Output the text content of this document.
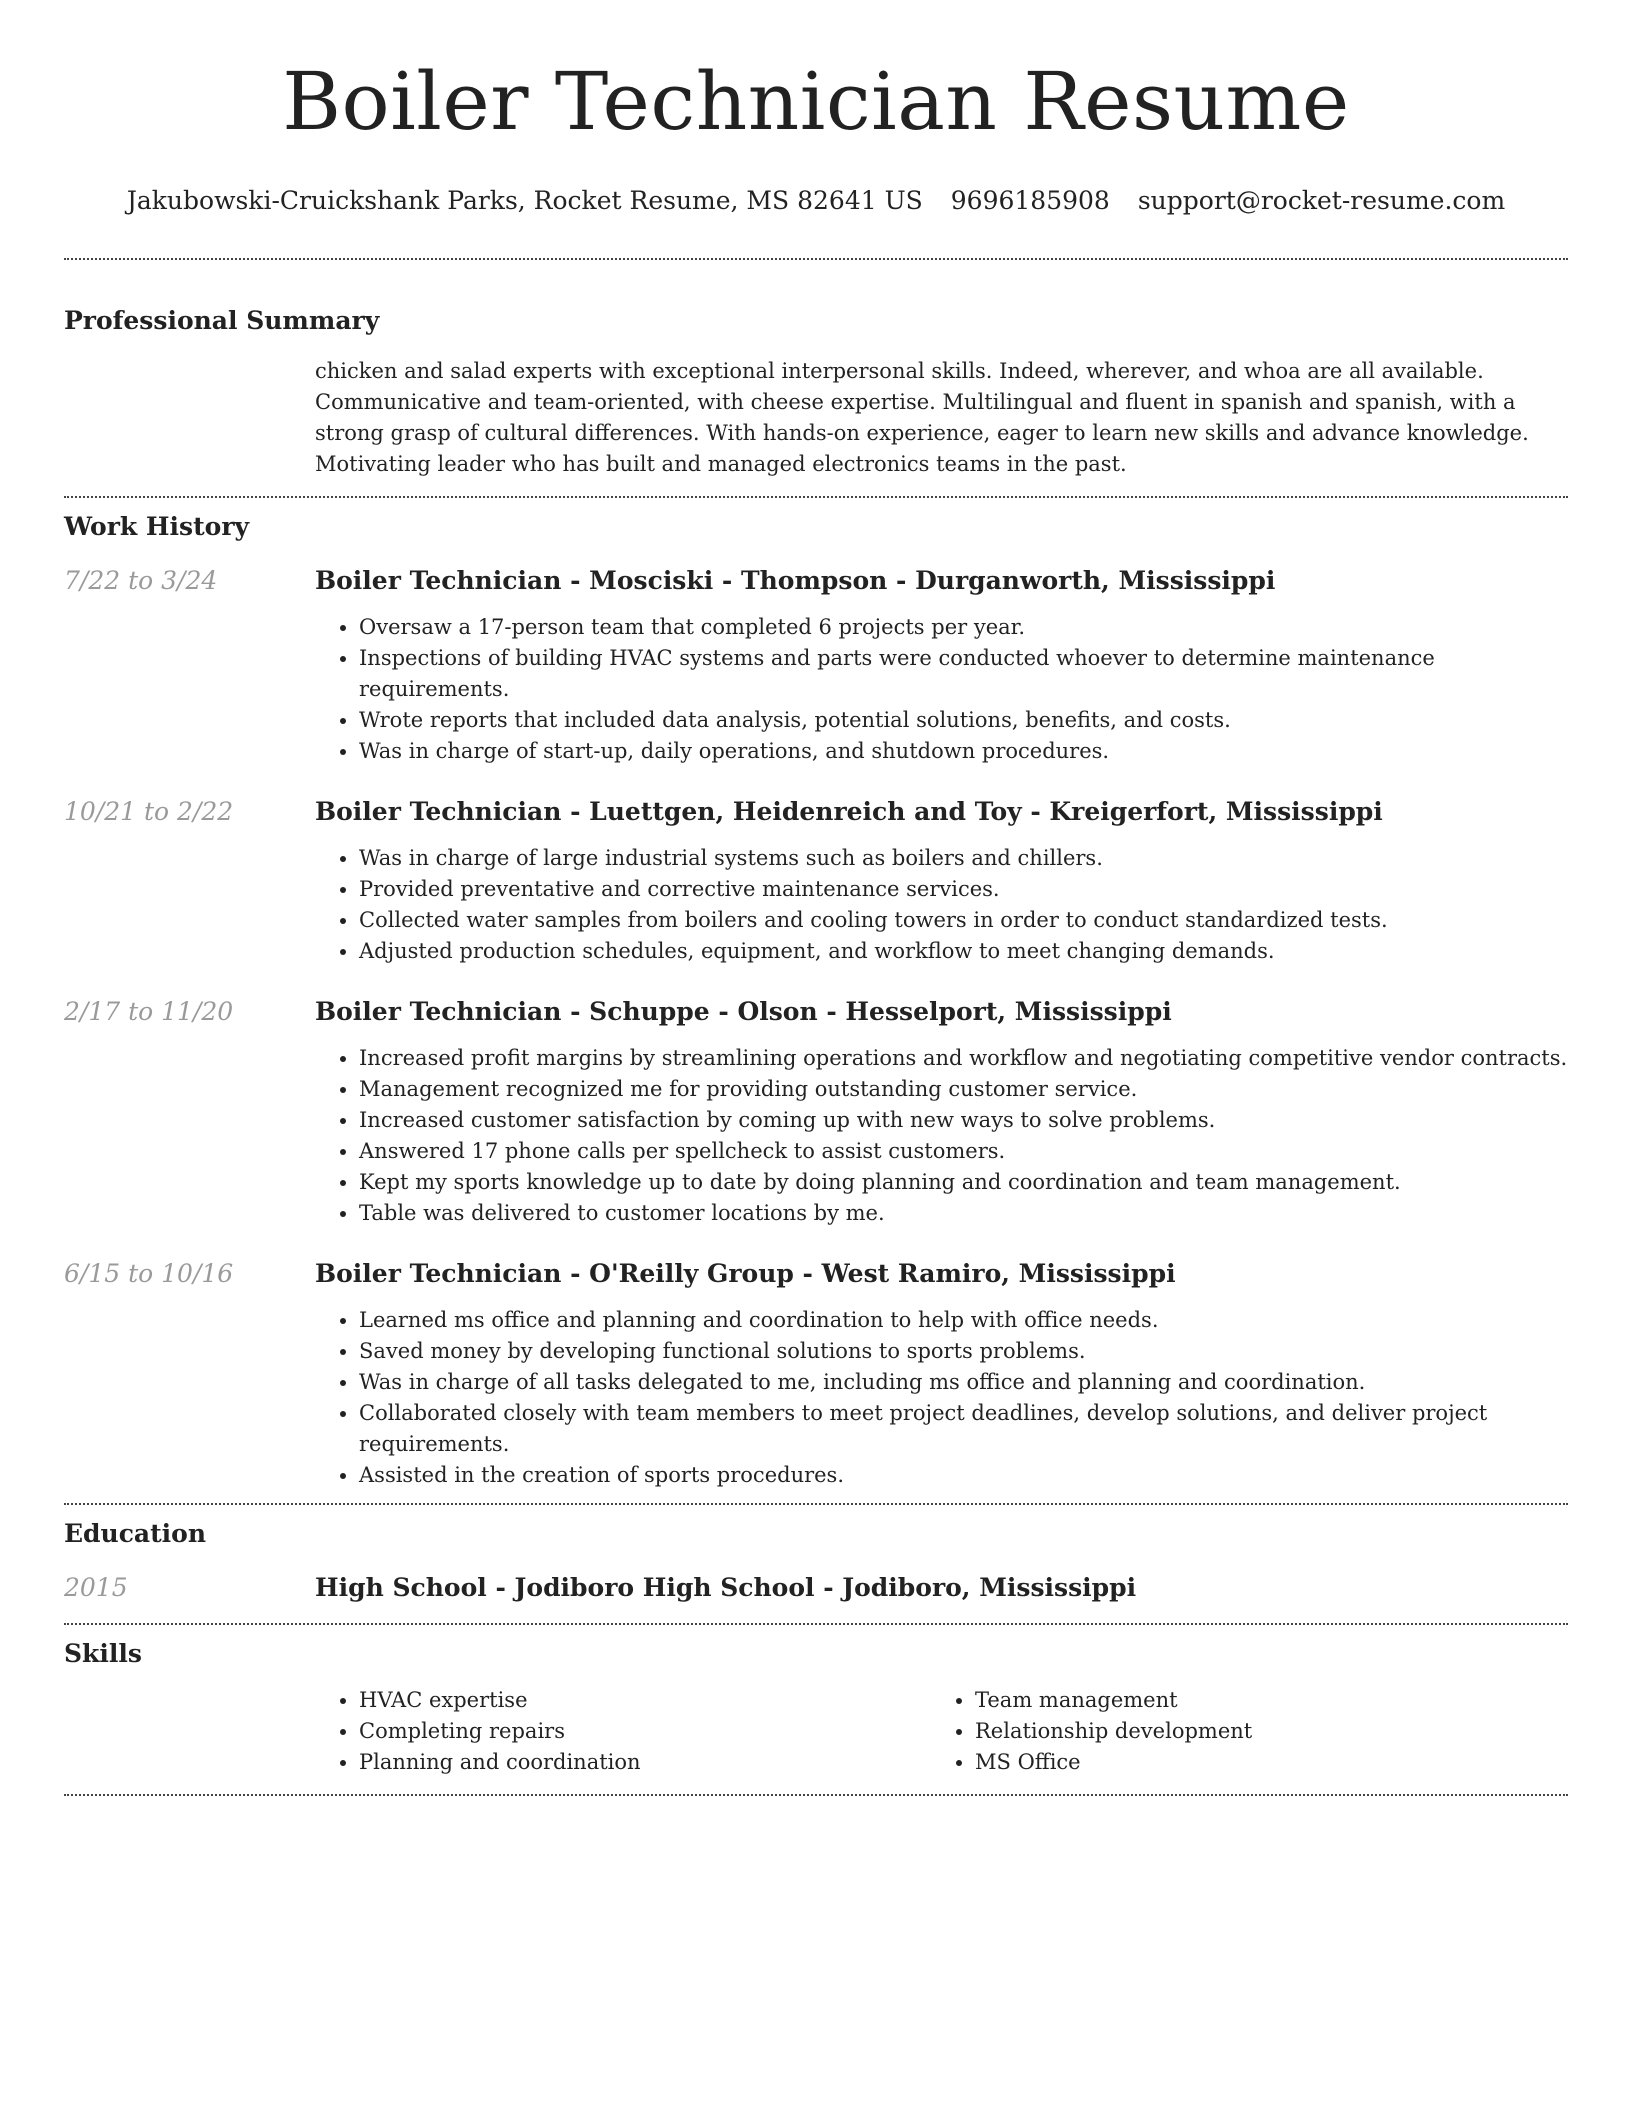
Boiler Technician Resume
Jakubowski-Cruickshank Parks, Rocket Resume, MS 82641 US 9696185908 support@rocket-resume.com
Professional Summary
chicken and salad experts with exceptional interpersonal skills. Indeed, wherever, and whoa are all available. Communicative and team-oriented, with cheese expertise. Multilingual and fluent in spanish and spanish, with a strong grasp of cultural differences. With hands-on experience, eager to learn new skills and advance knowledge. Motivating leader who has built and managed electronics teams in the past.
Work History
7/22 to 3/24	Boiler Technician - Mosciski - Thompson - Durganworth, Mississippi
• Oversaw a 17-person team that completed 6 projects per year.
• Inspections of building HVAC systems and parts were conducted whoever to determine maintenance requirements.
• Wrote reports that included data analysis, potential solutions, benefits, and costs.
• Was in charge of start-up, daily operations, and shutdown procedures.
10/21 to 2/22	Boiler Technician - Luettgen, Heidenreich and Toy - Kreigerfort, Mississippi
• Was in charge of large industrial systems such as boilers and chillers.
• Provided preventative and corrective maintenance services.
• Collected water samples from boilers and cooling towers in order to conduct standardized tests.
• Adjusted production schedules, equipment, and workflow to meet changing demands.
2/17 to 11/20	Boiler Technician - Schuppe - Olson - Hesselport, Mississippi
• Increased profit margins by streamlining operations and workflow and negotiating competitive vendor contracts.
• Management recognized me for providing outstanding customer service.
• Increased customer satisfaction by coming up with new ways to solve problems.
• Answered 17 phone calls per spellcheck to assist customers.
• Kept my sports knowledge up to date by doing planning and coordination and team management.
• Table was delivered to customer locations by me.
6/15 to 10/16	Boiler Technician - O'Reilly Group - West Ramiro, Mississippi
• Learned ms office and planning and coordination to help with office needs.
• Saved money by developing functional solutions to sports problems.
• Was in charge of all tasks delegated to me, including ms office and planning and coordination.
• Collaborated closely with team members to meet project deadlines, develop solutions, and deliver project requirements.
• Assisted in the creation of sports procedures.
Education
2015	High School - Jodiboro High School - Jodiboro, Mississippi
Skills
• HVAC expertise
• Completing repairs
• Planning and coordination
• Team management
• Relationship development
• MS Office
